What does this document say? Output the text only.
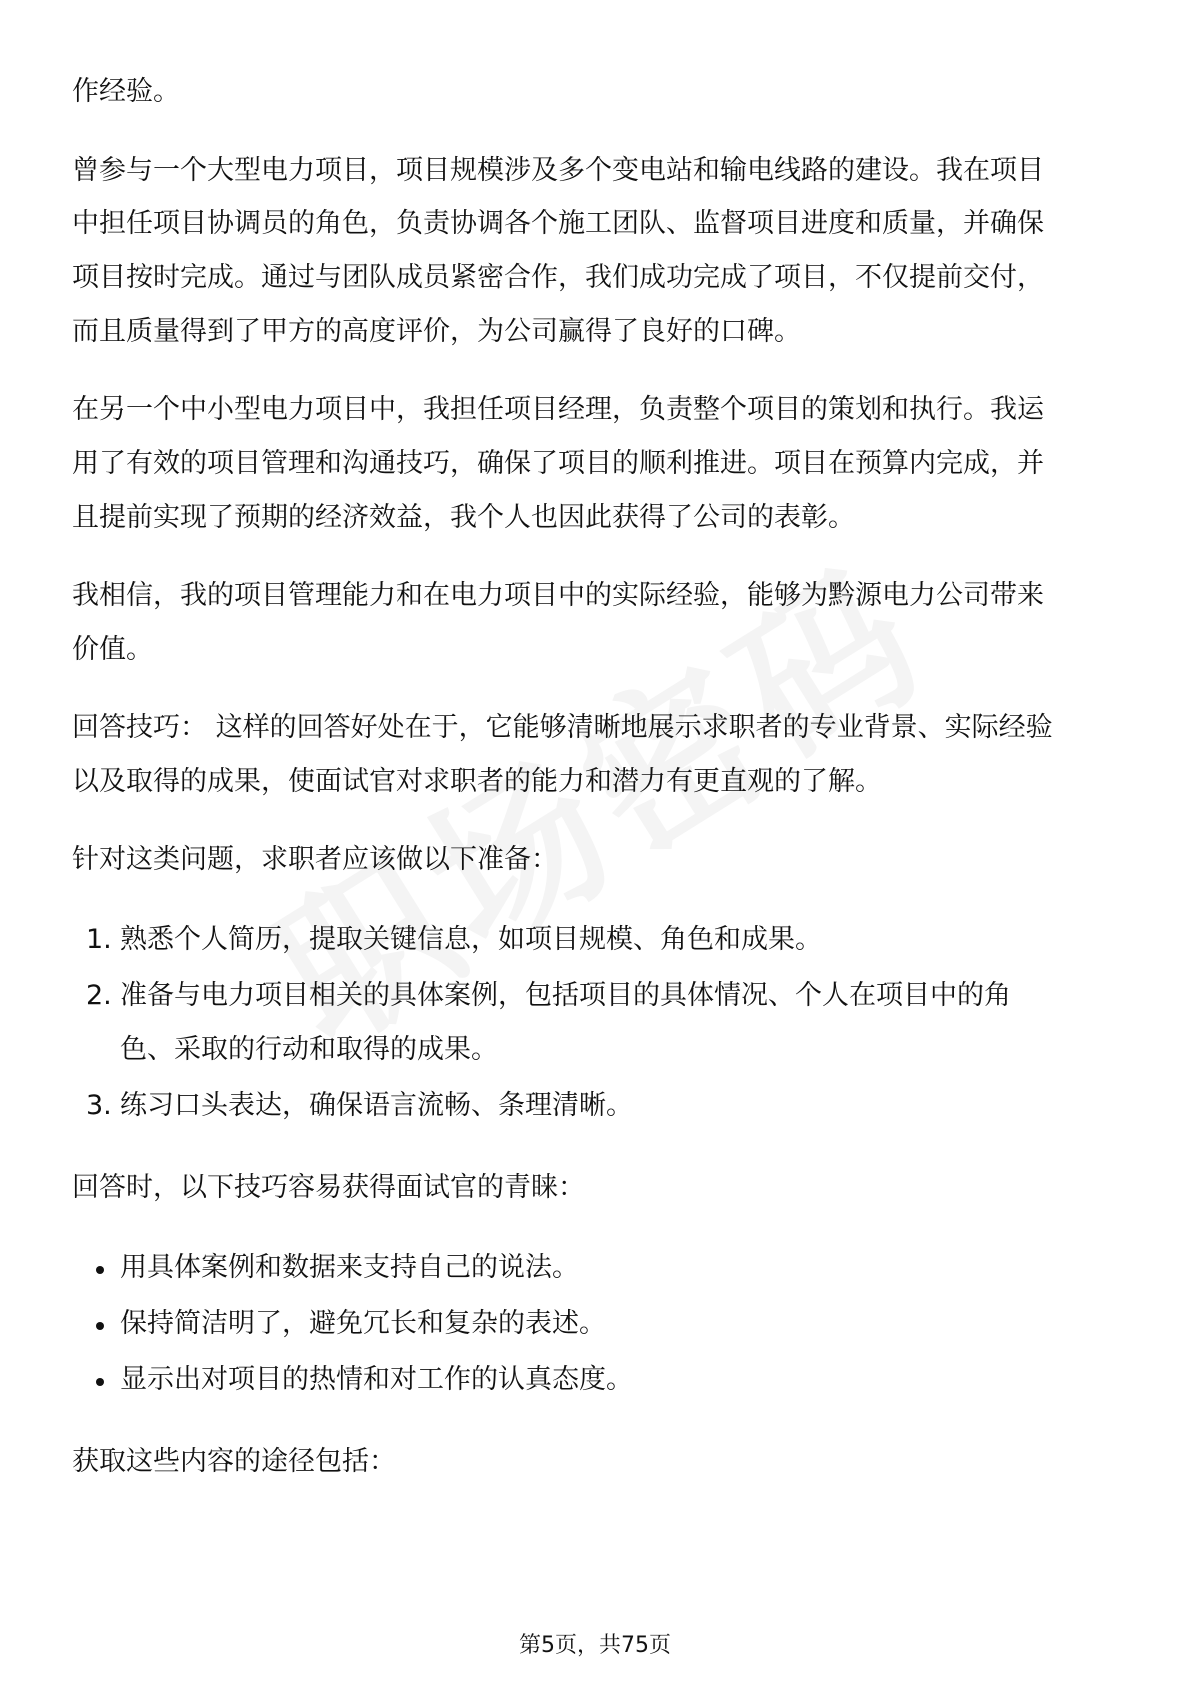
作经验。
曾参与一个大型电力项目，项目规模涉及多个变电站和输电线路的建设。我在项目
中担任项目协调员的角色，负责协调各个施工团队、监督项目进度和质量，并确保
项目按时完成。通过与团队成员紧密合作，我们成功完成了项目，不仅提前交付，
而且质量得到了甲方的高度评价，为公司赢得了良好的口碑。
在另一个中小型电力项目中，我担任项目经理，负责整个项目的策划和执行。我运
用了有效的项目管理和沟通技巧，确保了项目的顺利推进。项目在预算内完成，并
且提前实现了预期的经济效益，我个人也因此获得了公司的表彰。
我相信，我的项目管理能力和在电力项目中的实际经验，能够为黔源电力公司带来
价值。
回答技巧： 这样的回答好处在于，它能够清晰地展示求职者的专业背景、实际经验
以及取得的成果，使面试官对求职者的能力和潜力有更直观的了解。
针对这类问题，求职者应该做以下准备：
1. 熟悉个人简历，提取关键信息，如项目规模、角色和成果。
2. 准备与电力项目相关的具体案例，包括项目的具体情况、个人在项目中的角
色、采取的行动和取得的成果。
3. 练习口头表达，确保语言流畅、条理清晰。
回答时，以下技巧容易获得面试官的青睐：
用具体案例和数据来支持自己的说法。
保持简洁明了，避免冗长和复杂的表述。
显示出对项目的热情和对工作的认真态度。
获取这些内容的途径包括：
第5页，共75页
